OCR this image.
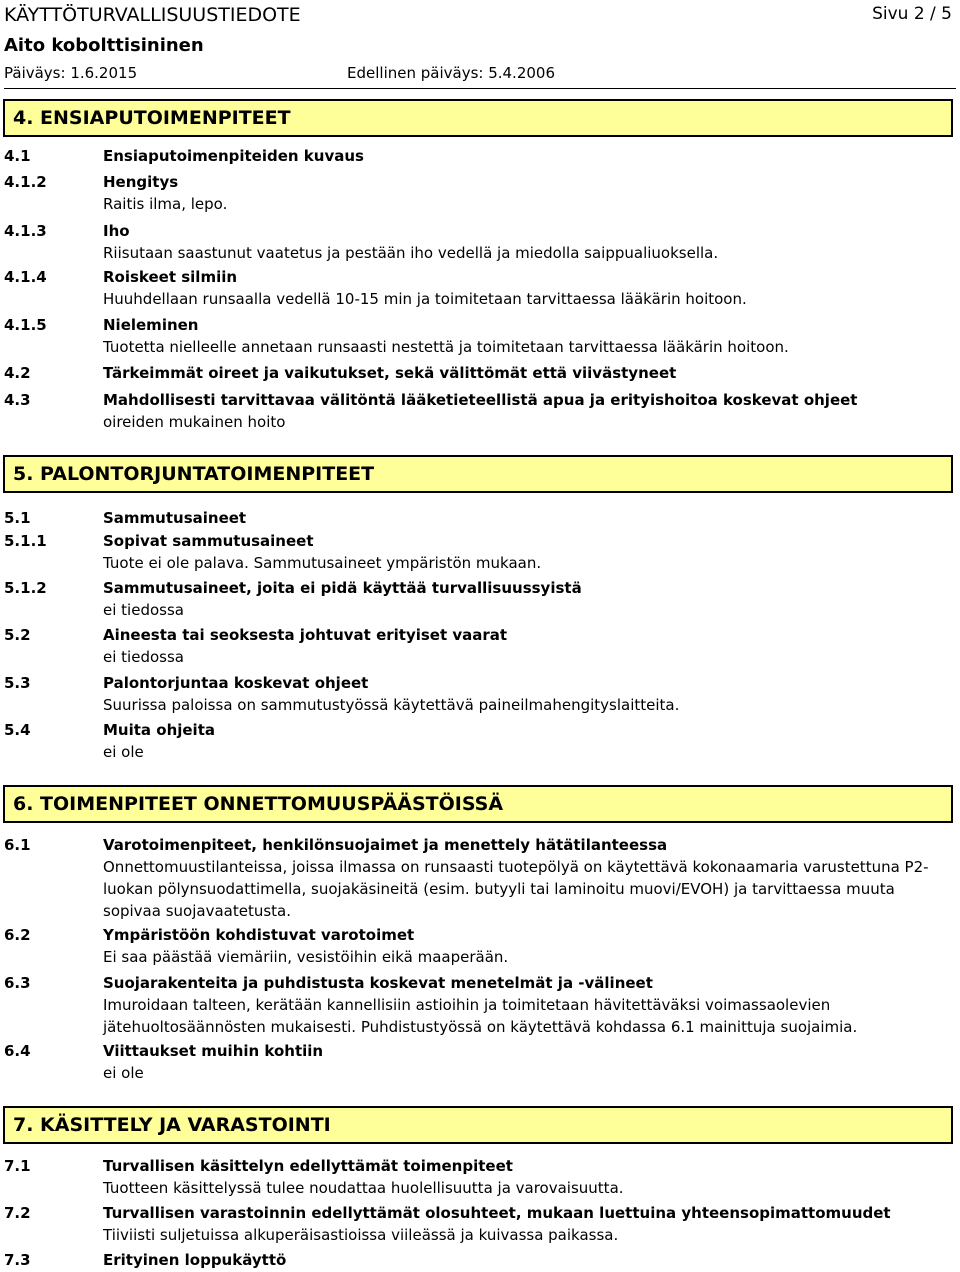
KÄYTTÖTURVALLISUUSTIEDOTE	Sivu 2 / 5
Aito kobolttisininen
Päiväys: 1.6.2015	Edellinen päiväys: 5.4.2006
4. ENSIAPUTOIMENPITEET
4.1	Ensiaputoimenpiteiden kuvaus
4.1.2	Hengitys
Raitis ilma, lepo.
4.1.3	Iho
Riisutaan saastunut vaatetus ja pestään iho vedellä ja miedolla saippualiuoksella.
4.1.4	Roiskeet silmiin
Huuhdellaan runsaalla vedellä 10-15 min ja toimitetaan tarvittaessa lääkärin hoitoon.
4.1.5	Nieleminen
Tuotetta nielleelle annetaan runsaasti nestettä ja toimitetaan tarvittaessa lääkärin hoitoon.
4.2	Tärkeimmät oireet ja vaikutukset, sekä välittömät että viivästyneet
4.3	Mahdollisesti tarvittavaa välitöntä lääketieteellistä apua ja erityishoitoa koskevat ohjeet
oireiden mukainen hoito
5. PALONTORJUNTATOIMENPITEET
5.1	Sammutusaineet
5.1.1	Sopivat sammutusaineet
Tuote ei ole palava. Sammutusaineet ympäristön mukaan.
5.1.2	Sammutusaineet, joita ei pidä käyttää turvallisuussyistä
ei tiedossa
5.2	Aineesta tai seoksesta johtuvat erityiset vaarat
ei tiedossa
5.3	Palontorjuntaa koskevat ohjeet
Suurissa paloissa on sammutustyössä käytettävä paineilmahengityslaitteita.
5.4	Muita ohjeita
ei ole
6. TOIMENPITEET ONNETTOMUUSPÄÄSTÖISSÄ
6.1	Varotoimenpiteet, henkilönsuojaimet ja menettely hätätilanteessa
Onnettomuustilanteissa, joissa ilmassa on runsaasti tuotepölyä on käytettävä kokonaamaria varustettuna P2-luokan pölynsuodattimella, suojakäsineitä (esim. butyyli tai laminoitu muovi/EVOH) ja tarvittaessa muuta sopivaa suojavaatetusta.
6.2	Ympäristöön kohdistuvat varotoimet
Ei saa päästää viemäriin, vesistöihin eikä maaperään.
6.3	Suojarakenteita ja puhdistusta koskevat menetelmät ja -välineet
Imuroidaan talteen, kerätään kannellisiin astioihin ja toimitetaan hävitettäväksi voimassaolevien jätehuoltosäännösten mukaisesti. Puhdistustyössä on käytettävä kohdassa 6.1 mainittuja suojaimia.
6.4	Viittaukset muihin kohtiin
ei ole
7. KÄSITTELY JA VARASTOINTI
7.1	Turvallisen käsittelyn edellyttämät toimenpiteet
Tuotteen käsittelyssä tulee noudattaa huolellisuutta ja varovaisuutta.
7.2	Turvallisen varastoinnin edellyttämät olosuhteet, mukaan luettuina yhteensopimattomuudet
Tiiviisti suljetuissa alkuperäisastioissa viileässä ja kuivassa paikassa.
7.3	Erityinen loppukäyttö
